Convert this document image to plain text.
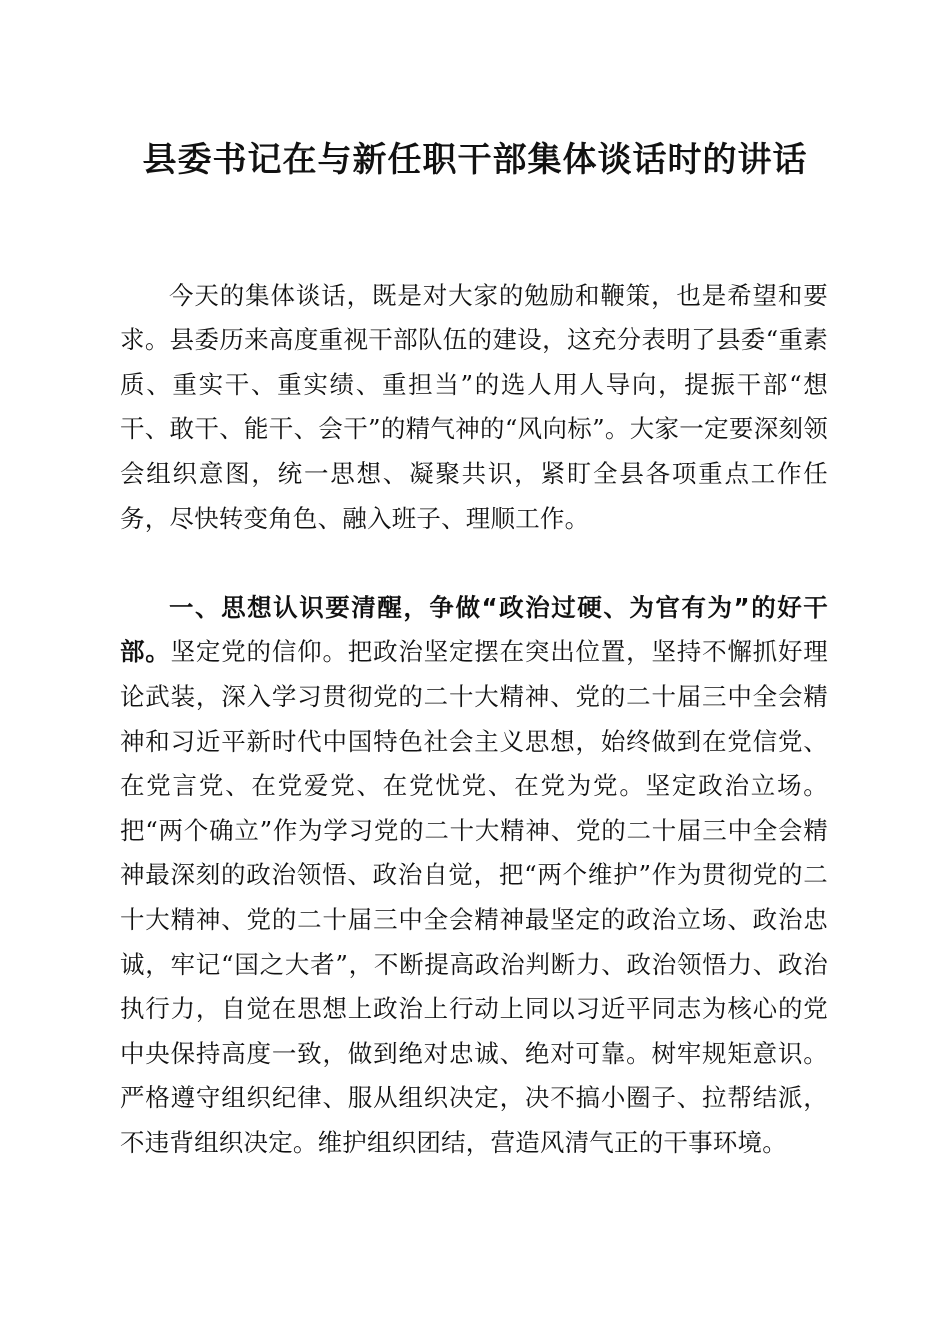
县委书记在与新任职干部集体谈话时的讲话

今天的集体谈话，既是对大家的勉励和鞭策，也是希望和要求。县委历来高度重视干部队伍的建设，这充分表明了县委“重素质、重实干、重实绩、重担当”的选人用人导向，提振干部“想干、敢干、能干、会干”的精气神的“风向标”。大家一定要深刻领会组织意图，统一思想、凝聚共识，紧盯全县各项重点工作任务，尽快转变角色、融入班子、理顺工作。

一、思想认识要清醒，争做“政治过硬、为官有为”的好干部。坚定党的信仰。把政治坚定摆在突出位置，坚持不懈抓好理论武装，深入学习贯彻党的二十大精神、党的二十届三中全会精神和习近平新时代中国特色社会主义思想，始终做到在党信党、在党言党、在党爱党、在党忧党、在党为党。坚定政治立场。把“两个确立”作为学习党的二十大精神、党的二十届三中全会精神最深刻的政治领悟、政治自觉，把“两个维护”作为贯彻党的二十大精神、党的二十届三中全会精神最坚定的政治立场、政治忠诚，牢记“国之大者”，不断提高政治判断力、政治领悟力、政治执行力，自觉在思想上政治上行动上同以习近平同志为核心的党中央保持高度一致，做到绝对忠诚、绝对可靠。树牢规矩意识。严格遵守组织纪律、服从组织决定，决不搞小圈子、拉帮结派，不违背组织决定。维护组织团结，营造风清气正的干事环境。
